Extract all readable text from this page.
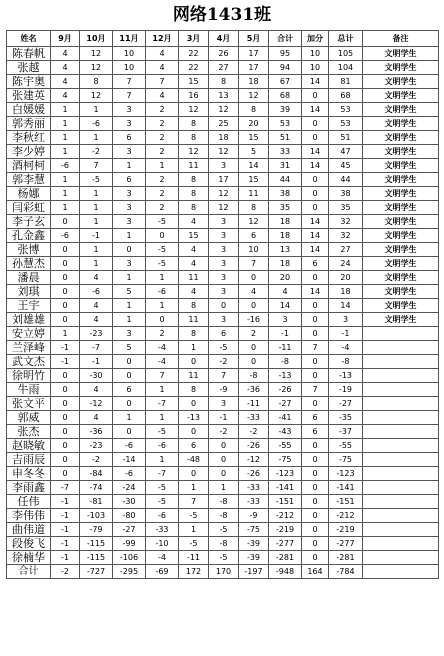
网络1431班
姓名	9月	10月	11月	12月	3月	4月	5月	合计	加分	总计	备注
陈春帆	4	12	10	4	22	26	17	95	10	105	文明学生
张越	4	12	10	4	22	27	17	94	10	104	文明学生
陈宇奥	4	8	7	7	15	8	18	67	14	81	文明学生
张建英	4	12	7	4	16	13	12	68	0	68	文明学生
白媛媛	1	1	3	2	12	12	8	39	14	53	文明学生
郭秀丽	1	-6	3	2	8	25	20	53	0	53	文明学生
李秋红	1	1	6	2	8	18	15	51	0	51	文明学生
李少婷	1	-2	3	2	12	12	5	33	14	47	文明学生
酒柯柯	-6	7	1	1	11	3	14	31	14	45	文明学生
郭李慧	1	-5	6	2	8	17	15	44	0	44	文明学生
杨娜	1	1	3	2	8	12	11	38	0	38	文明学生
闫彩虹	1	1	3	2	8	12	8	35	0	35	文明学生
李子玄	0	1	3	-5	4	3	12	18	14	32	文明学生
孔金鑫	-6	-1	1	0	15	3	6	18	14	32	文明学生
张博	0	1	0	-5	4	3	10	13	14	27	文明学生
孙慧杰	0	1	3	-5	4	3	7	18	6	24	文明学生
潘晨	0	4	1	1	11	3	0	20	0	20	文明学生
刘琪	0	-6	5	-6	4	3	4	4	14	18	文明学生
王宇	0	4	1	1	8	0	0	14	0	14	文明学生
刘雄雄	0	4	1	0	11	3	-16	3	0	3	文明学生
安立婷	1	-23	3	2	8	6	2	-1	0	-1	
兰泽峰	-1	-7	5	-4	1	-5	0	-11	7	-4	
武文杰	-1	-1	0	-4	0	-2	0	-8	0	-8	
徐明竹	0	-30	0	7	11	7	-8	-13	0	-13	
牛雨	0	4	6	1	8	-9	-36	-26	7	-19	
张文平	0	-12	0	-7	0	3	-11	-27	0	-27	
郭威	0	4	1	1	-13	-1	-33	-41	6	-35	
张杰	0	-36	0	-5	0	-2	-2	-43	6	-37	
赵晓敏	0	-23	-6	-6	6	0	-26	-55	0	-55	
吉雨辰	0	-2	-14	1	-48	0	-12	-75	0	-75	
申冬冬	0	-84	-6	-7	0	0	-26	-123	0	-123	
李雨鑫	-7	-74	-24	-5	1	1	-33	-141	0	-141	
任伟	-1	-81	-30	-5	7	-8	-33	-151	0	-151	
李伟伟	-1	-103	-80	-6	-5	-8	-9	-212	0	-212	
曲伟道	-1	-79	-27	-33	1	-5	-75	-219	0	-219	
段俊飞	-1	-115	-99	-10	-5	-8	-39	-277	0	-277	
徐楠华	-1	-115	-106	-4	-11	-5	-39	-281	0	-281	
合计	-2	-727	-295	-69	172	170	-197	-948	164	-784	
